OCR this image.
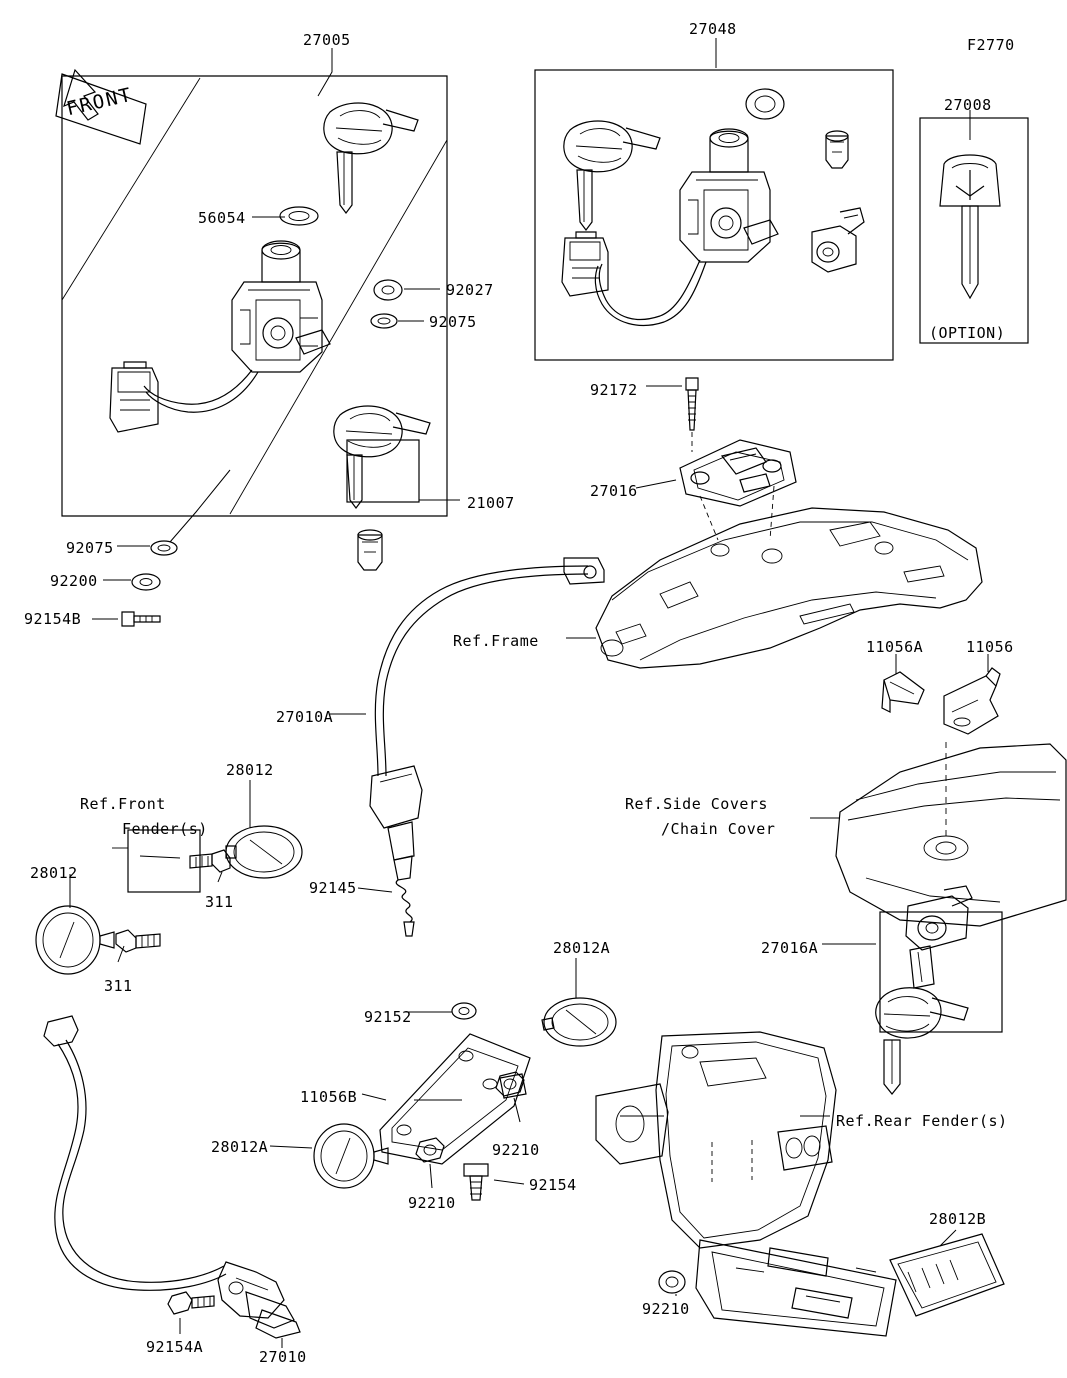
27005
27048
F2770
27008
56054
92027
92075
(OPTION)
92172
27016
21007
92075
92200
92154B
Ref.Frame	11056A	11056
27010A
28012
Ref.Front	Ref.Side Covers
Fender(s)	/Chain Cover
28012
92145
311
27016A
28012A
311
92152
11056B
92210
Ref.Rear Fender(s)
28012A
92210
92154
28012B
92210
92154A
27010
FRONT
